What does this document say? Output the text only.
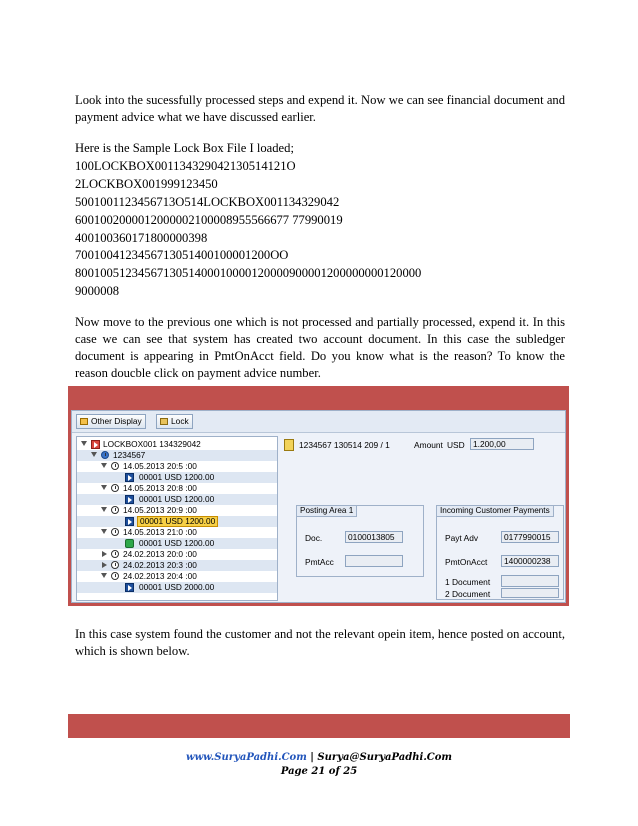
Look into the sucessfully processed steps and expend it. Now we can see financial document and payment advice what we have discussed earlier.
Here is the Sample Lock Box File I loaded;
100LOCKBOX001134329042130514121O
2LOCKBOX001999123450
5001001123456713O514LOCKBOX001134329042
6001002000012000002100008955566677 77990019
400100360171800000398
7001004123456713051400100001200OO
8001005123456713051400010000120000900001200000000120000
9000008
Now move to the previous one which is not processed and partially processed, expend it. In this case we can see that system has created two account document. In this case the subledger document is appearing in PmtOnAcct field. Do you know what is the reason? To know the reason doucble click on payment advice number.
Other Display	Lock
LOCKBOX001 134329042
1234567
14.05.2013 20:5 :00
00001 USD 1200.00
14.05.2013 20:8 :00
00001 USD 1200.00
14.05.2013 20:9 :00
00001 USD 1200.00
14.05.2013 21:0 :00
00001 USD 1200.00
24.02.2013 20:0 :00
24.02.2013 20:3 :00
24.02.2013 20:4 :00
00001 USD 2000.00
1234567 130514 209 / 1	Amount USD 1.200,00
Posting Area 1
Doc.	0100013805
PmtAcc
Incoming Customer Payments
Payt Adv	0177990015
PmtOnAcct	1400000238
1 Document
2 Document
In this case system found the customer and not the relevant opein item, hence posted on account, which is shown below.
www.SuryaPadhi.Com | Surya@SuryaPadhi.Com
Page 21 of 25
